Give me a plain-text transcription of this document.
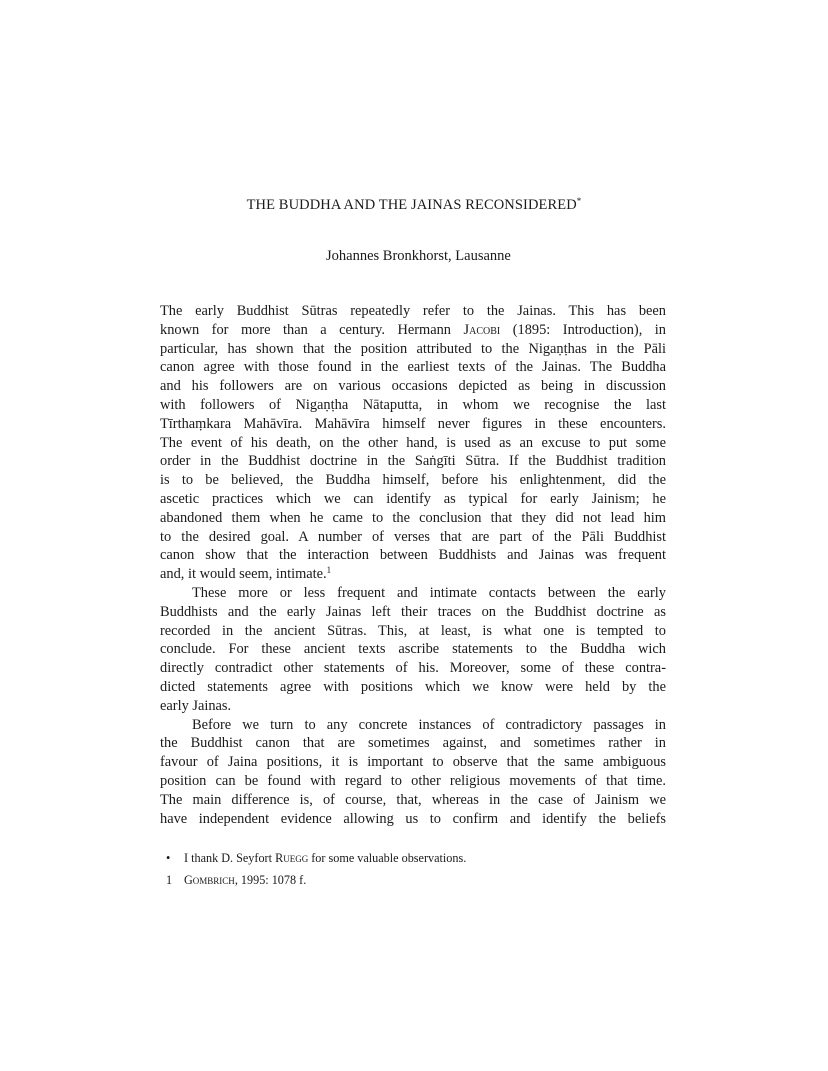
THE BUDDHA AND THE JAINAS RECONSIDERED*
Johannes Bronkhorst, Lausanne
The early Buddhist Sūtras repeatedly refer to the Jainas. This has been
known for more than a century. Hermann Jacobi (1895: Introduction), in
particular, has shown that the position attributed to the Nigaṇṭhas in the Pāli
canon agree with those found in the earliest texts of the Jainas. The Buddha
and his followers are on various occasions depicted as being in discussion
with followers of Nigaṇṭha Nātaputta, in whom we recognise the last
Tīrthaṃkara Mahāvīra. Mahāvīra himself never figures in these encounters.
The event of his death, on the other hand, is used as an excuse to put some
order in the Buddhist doctrine in the Saṅgīti Sūtra. If the Buddhist tradition
is to be believed, the Buddha himself, before his enlightenment, did the
ascetic practices which we can identify as typical for early Jainism; he
abandoned them when he came to the conclusion that they did not lead him
to the desired goal. A number of verses that are part of the Pāli Buddhist
canon show that the interaction between Buddhists and Jainas was frequent
and, it would seem, intimate.$^1$
These more or less frequent and intimate contacts between the early
Buddhists and the early Jainas left their traces on the Buddhist doctrine as
recorded in the ancient Sūtras. This, at least, is what one is tempted to
conclude. For these ancient texts ascribe statements to the Buddha wich
directly contradict other statements of his. Moreover, some of these contra-
dicted statements agree with positions which we know were held by the
early Jainas.
Before we turn to any concrete instances of contradictory passages in
the Buddhist canon that are sometimes against, and sometimes rather in
favour of Jaina positions, it is important to observe that the same ambiguous
position can be found with regard to other religious movements of that time.
The main difference is, of course, that, whereas in the case of Jainism we
have independent evidence allowing us to confirm and identify the beliefs
•	I thank D. Seyfort Ruegg for some valuable observations.
1 Gombrich, 1995: 1078 f.
